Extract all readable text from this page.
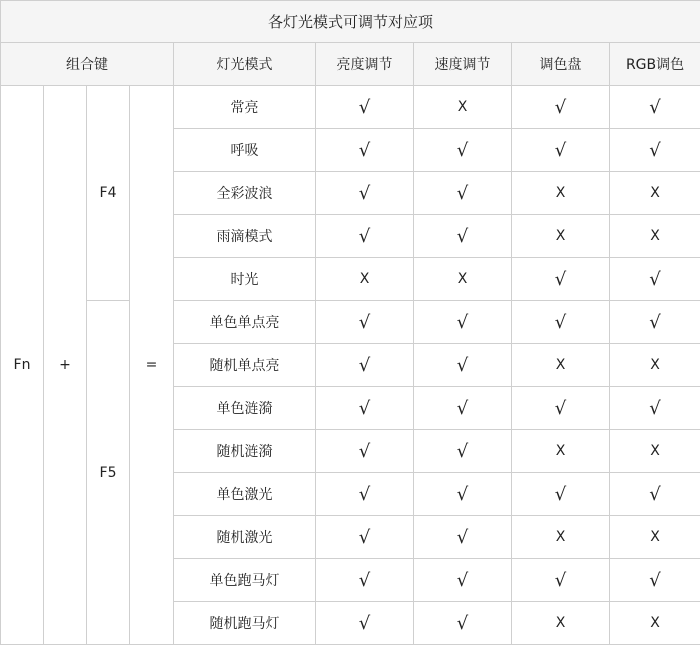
各灯光模式可调节对应项								
组合键				灯光模式	亮度调节	速度调节	调色盘	RGB调色
Fn	+	F4	=	常亮	√	X	√	√
				呼吸	√	√	√	√
				全彩波浪	√	√	X	X
				雨滴模式	√	√	X	X
				时光	X	X	√	√
		F5		单色单点亮	√	√	√	√
				随机单点亮	√	√	X	X
				单色涟漪	√	√	√	√
				随机涟漪	√	√	X	X
				单色激光	√	√	√	√
				随机激光	√	√	X	X
				单色跑马灯	√	√	√	√
				随机跑马灯	√	√	X	X
